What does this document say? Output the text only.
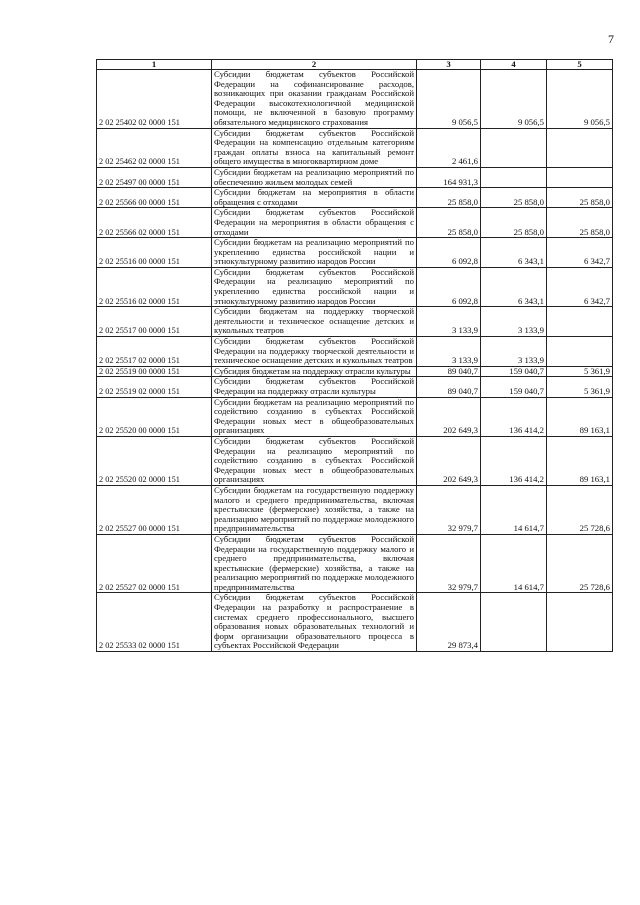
7
1	2	3	4	5
2 02 25402 02 0000 151	Субсидии бюджетам субъектов Российской Федерации на софинансирование расходов, возникающих при оказании гражданам Российской Федерации высокотехнологичной медицинской помощи, не включенной в базовую программу обязательного медицинского страхования	9 056,5	9 056,5	9 056,5
2 02 25462 02 0000 151	Субсидии бюджетам субъектов Российской Федерации на компенсацию отдельным категориям граждан оплаты взноса на капитальный ремонт общего имущества в многоквартирном доме	2 461,6		
2 02 25497 00 0000 151	Субсидии бюджетам на реализацию мероприятий по обеспечению жильем молодых семей	164 931,3		
2 02 25566 00 0000 151	Субсидии бюджетам на мероприятия в области обращения с отходами	25 858,0	25 858,0	25 858,0
2 02 25566 02 0000 151	Субсидии бюджетам субъектов Российской Федерации на мероприятия в области обращения с отходами	25 858,0	25 858,0	25 858,0
2 02 25516 00 0000 151	Субсидии бюджетам на реализацию мероприятий по укреплению единства российской нации и этнокультурному развитию народов России	6 092,8	6 343,1	6 342,7
2 02 25516 02 0000 151	Субсидии бюджетам субъектов Российской Федерации на реализацию мероприятий по укреплению единства российской нации и этнокультурному развитию народов России	6 092,8	6 343,1	6 342,7
2 02 25517 00 0000 151	Субсидии бюджетам на поддержку творческой деятельности и техническое оснащение детских и кукольных театров	3 133,9	3 133,9	
2 02 25517 02 0000 151	Субсидии бюджетам субъектов Российской Федерации на поддержку творческой деятельности и техническое оснащение детских и кукольных театров	3 133,9	3 133,9	
2 02 25519 00 0000 151	Субсидия бюджетам на поддержку отрасли культуры	89 040,7	159 040,7	5 361,9
2 02 25519 02 0000 151	Субсидии бюджетам субъектов Российской Федерации на поддержку отрасли культуры	89 040,7	159 040,7	5 361,9
2 02 25520 00 0000 151	Субсидии бюджетам на реализацию мероприятий по содействию созданию в субъектах Российской Федерации новых мест в общеобразовательных организациях	202 649,3	136 414,2	89 163,1
2 02 25520 02 0000 151	Субсидии бюджетам субъектов Российской Федерации на реализацию мероприятий по содействию созданию в субъектах Российской Федерации новых мест в общеобразовательных организациях	202 649,3	136 414,2	89 163,1
2 02 25527 00 0000 151	Субсидии бюджетам на государственную поддержку малого и среднего предпринимательства, включая крестьянские (фермерские) хозяйства, а также на реализацию мероприятий по поддержке молодежного предпринимательства	32 979,7	14 614,7	25 728,6
2 02 25527 02 0000 151	Субсидии бюджетам субъектов Российской Федерации на государственную поддержку малого и среднего предпринимательства, включая крестьянские (фермерские) хозяйства, а также на реализацию мероприятий по поддержке молодежного предпринимательства	32 979,7	14 614,7	25 728,6
2 02 25533 02 0000 151	Субсидии бюджетам субъектов Российской Федерации на разработку и распространение в системах среднего профессионального, высшего образования новых образовательных технологий и форм организации образовательного процесса в субъектах Российской Федерации	29 873,4		
